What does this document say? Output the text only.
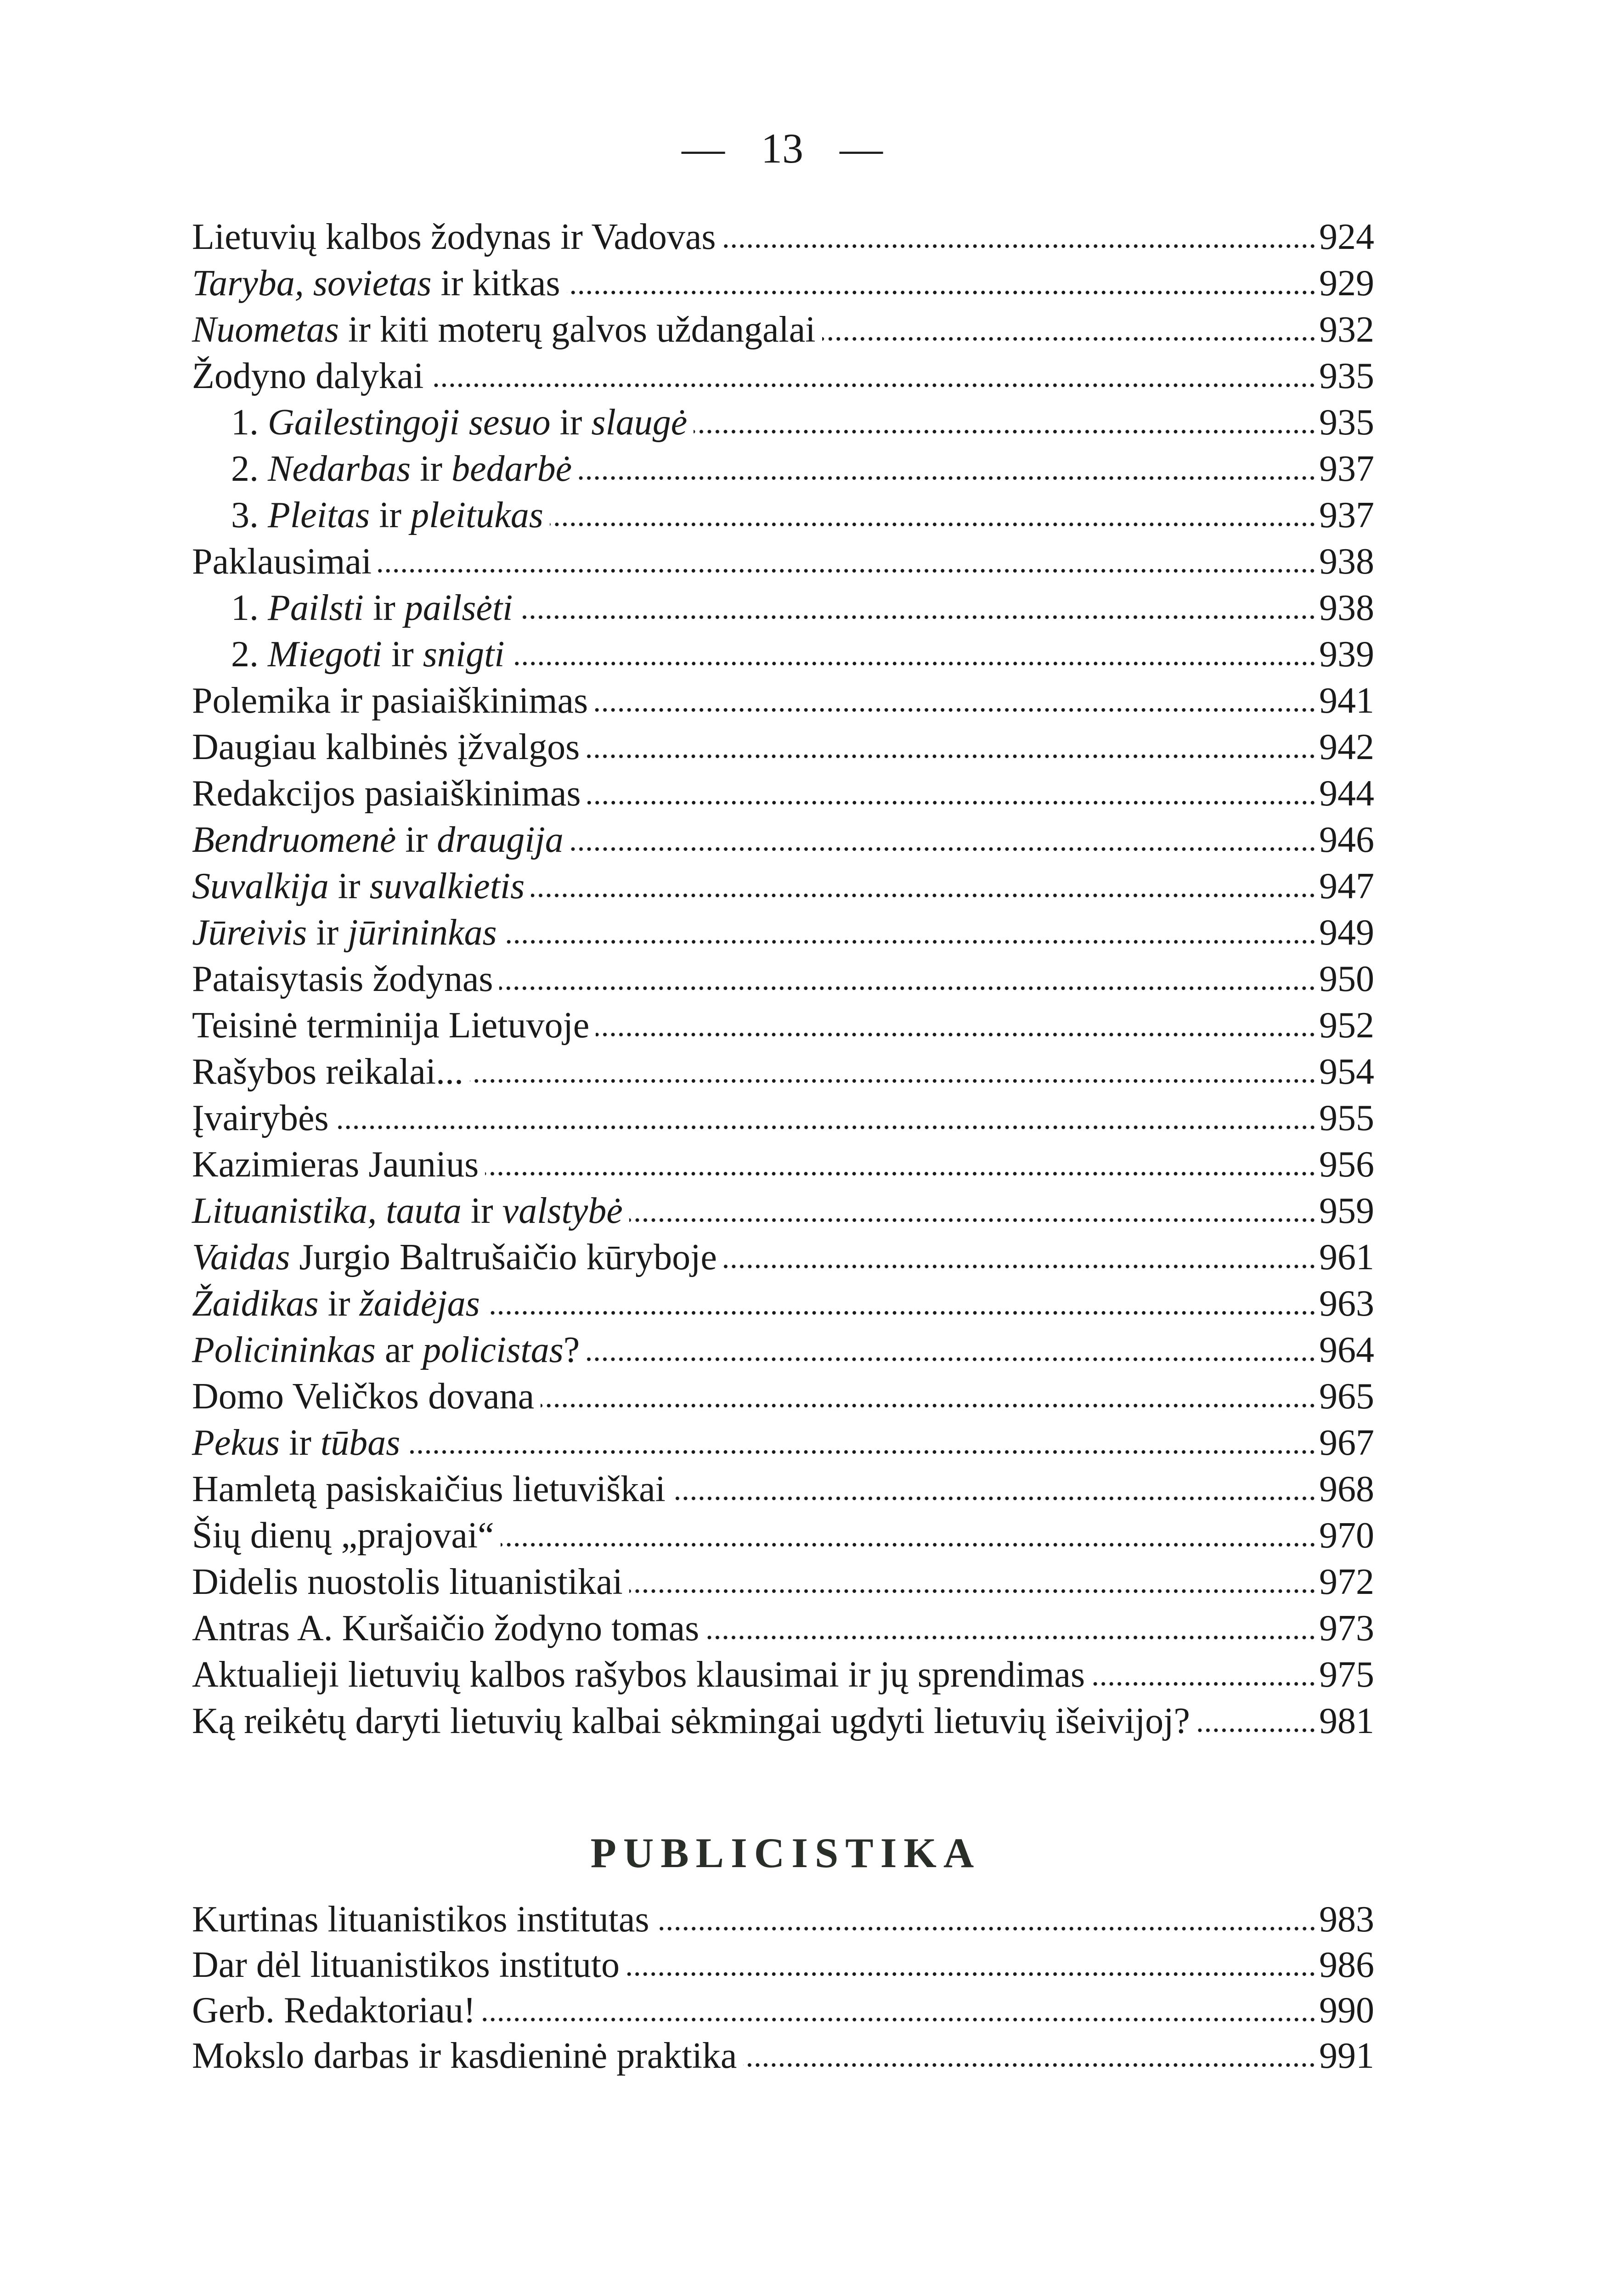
— 13 —
Lietuvių kalbos žodynas ir Vadovas	924
Taryba, sovietas ir kitkas	929
Nuometas ir kiti moterų galvos uždangalai	932
Žodyno dalykai	935
1. Gailestingoji sesuo ir slaugė	935
2. Nedarbas ir bedarbė	937
3. Pleitas ir pleitukas	937
Paklausimai	938
1. Pailsti ir pailsėti	938
2. Miegoti ir snigti	939
Polemika ir pasiaiškinimas	941
Daugiau kalbinės įžvalgos	942
Redakcijos pasiaiškinimas	944
Bendruomenė ir draugija	946
Suvalkija ir suvalkietis	947
Jūreivis ir jūrininkas	949
Pataisytasis žodynas	950
Teisinė terminija Lietuvoje	952
Rašybos reikalai...	954
Įvairybės	955
Kazimieras Jaunius	956
Lituanistika, tauta ir valstybė	959
Vaidas Jurgio Baltrušaičio kūryboje	961
Žaidikas ir žaidėjas	963
Policininkas ar policistas?	964
Domo Veličkos dovana	965
Pekus ir tūbas	967
Hamletą pasiskaičius lietuviškai	968
Šių dienų „prajovai“	970
Didelis nuostolis lituanistikai	972
Antras A. Kuršaičio žodyno tomas	973
Aktualieji lietuvių kalbos rašybos klausimai ir jų sprendimas	975
Ką reikėtų daryti lietuvių kalbai sėkmingai ugdyti lietuvių išeivijoj?	981
PUBLICISTIKA
Kurtinas lituanistikos institutas	983
Dar dėl lituanistikos instituto	986
Gerb. Redaktoriau!	990
Mokslo darbas ir kasdieninė praktika	991
